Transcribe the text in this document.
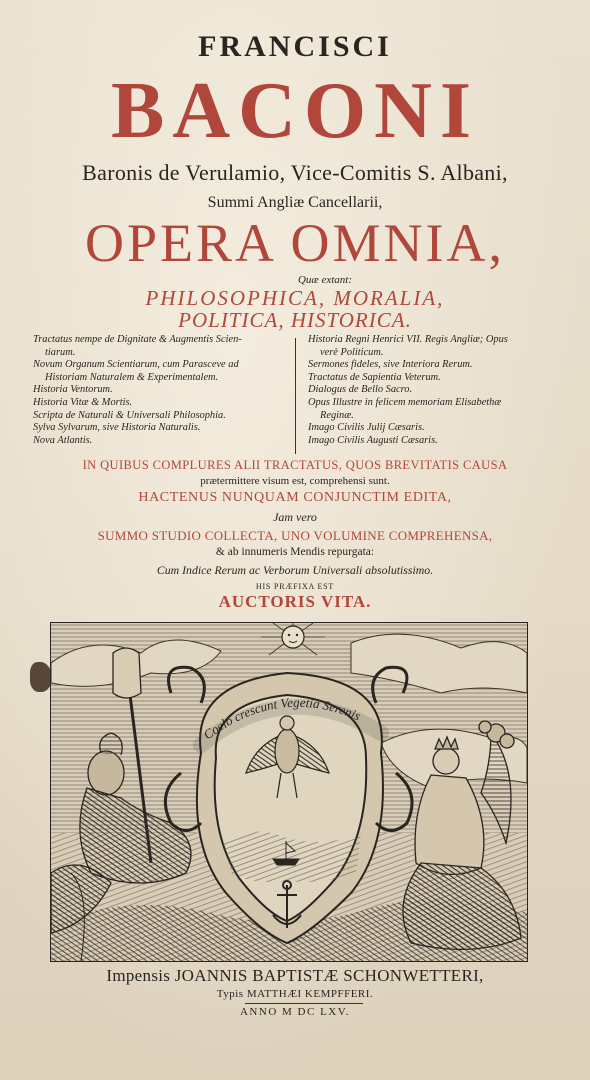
FRANCISCI
BACONI
Baronis de Verulamio, Vice-Comitis S. Albani,
Summi Angliæ Cancellarii,
OPERA OMNIA,
Quæ extant:
PHILOSOPHICA, MORALIA,
POLITICA, HISTORICA.
Tractatus nempe de Dignitate & Augmentis Scien-
tiarum.
Novum Organum Scientiarum, cum Parasceve ad
Historiam Naturalem & Experimentalem.
Historia Ventorum.
Historia Vitæ & Mortis.
Scripta de Naturali & Universali Philosophia.
Sylva Sylvarum, sive Historia Naturalis.
Nova Atlantis.
Historia Regni Henrici VII. Regis Angliæ; Opus
verè Politicum.
Sermones fideles, sive Interiora Rerum.
Tractatus de Sapientia Veterum.
Dialogus de Bello Sacro.
Opus Illustre in felicem memoriam Elisabethæ
Reginæ.
Imago Civilis Julij Cæsaris.
Imago Civilis Augusti Cæsaris.
IN QUIBUS COMPLURES ALII TRACTATUS, QUOS BREVITATIS CAUSA
prætermittere visum est, comprehensi sunt.
HACTENUS NUNQUAM CONJUNCTIM EDITA,
Jam vero
SUMMO STUDIO COLLECTA, UNO VOLUMINE COMPREHENSA,
& ab innumeris Mendis repurgata:
Cum Indice Rerum ac Verborum Universali absolutissimo.
HIS PRÆFIXA EST
AUCTORIS VITA.
Coelo crescunt Vegetia Serenis
Impensis JOANNIS BAPTISTÆ SCHONWETTERI,
Typis MATTHÆI KEMPFFERI.
ANNO M DC LXV.
